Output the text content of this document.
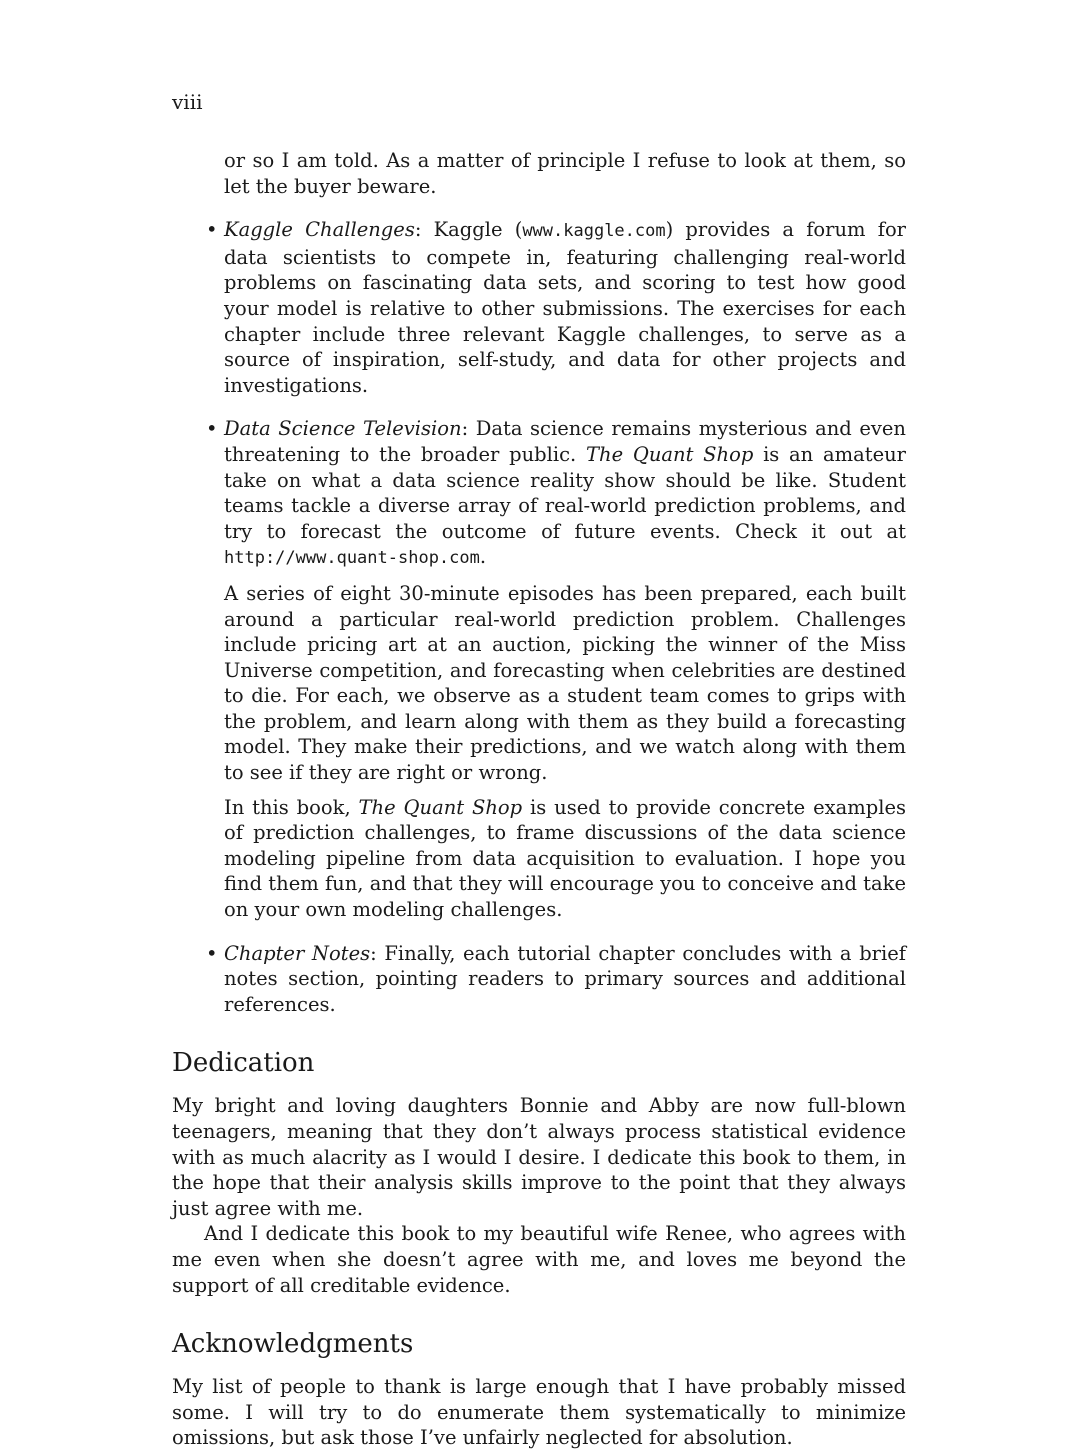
viii

or so I am told. As a matter of principle I refuse to look at them, so let the buyer beware.

• Kaggle Challenges: Kaggle (www.kaggle.com) provides a forum for data scientists to compete in, featuring challenging real-world problems on fascinating data sets, and scoring to test how good your model is relative to other submissions. The exercises for each chapter include three relevant Kaggle challenges, to serve as a source of inspiration, self-study, and data for other projects and investigations.

• Data Science Television: Data science remains mysterious and even threatening to the broader public. The Quant Shop is an amateur take on what a data science reality show should be like. Student teams tackle a diverse array of real-world prediction problems, and try to forecast the outcome of future events. Check it out at http://www.quant-shop.com.

A series of eight 30-minute episodes has been prepared, each built around a particular real-world prediction problem. Challenges include pricing art at an auction, picking the winner of the Miss Universe competition, and forecasting when celebrities are destined to die. For each, we observe as a student team comes to grips with the problem, and learn along with them as they build a forecasting model. They make their predictions, and we watch along with them to see if they are right or wrong.

In this book, The Quant Shop is used to provide concrete examples of prediction challenges, to frame discussions of the data science modeling pipeline from data acquisition to evaluation. I hope you find them fun, and that they will encourage you to conceive and take on your own modeling challenges.

• Chapter Notes: Finally, each tutorial chapter concludes with a brief notes section, pointing readers to primary sources and additional references.

Dedication

My bright and loving daughters Bonnie and Abby are now full-blown teenagers, meaning that they don’t always process statistical evidence with as much alacrity as I would I desire. I dedicate this book to them, in the hope that their analysis skills improve to the point that they always just agree with me.

And I dedicate this book to my beautiful wife Renee, who agrees with me even when she doesn’t agree with me, and loves me beyond the support of all creditable evidence.

Acknowledgments

My list of people to thank is large enough that I have probably missed some. I will try to do enumerate them systematically to minimize omissions, but ask those I’ve unfairly neglected for absolution.
